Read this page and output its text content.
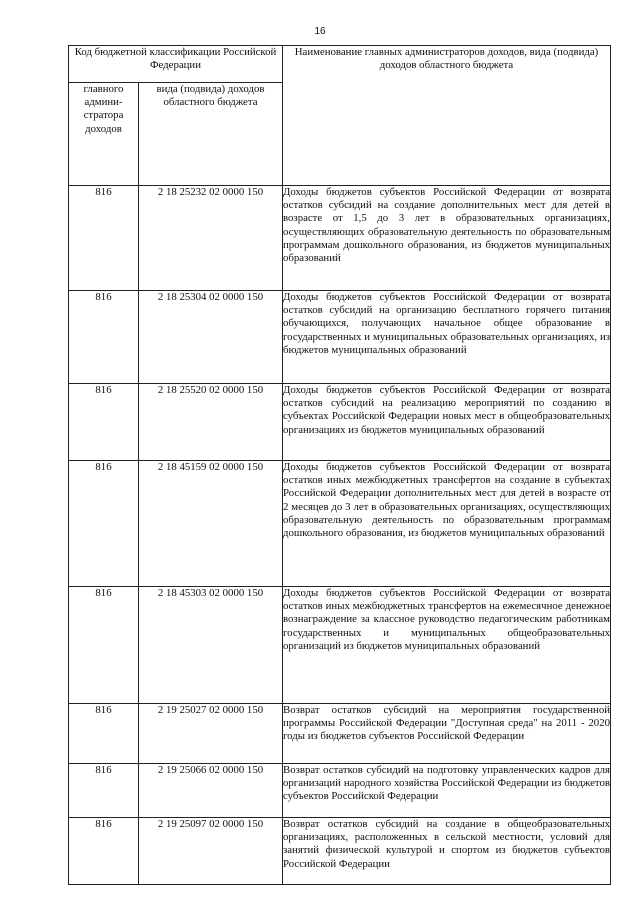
16
Код бюджетной классификации Российской Федерации		Наименование главных администраторов доходов, вида (подвида) доходов областного бюджета
главного админи-стратора доходов	вида (подвида) доходов областного бюджета	
816	2 18 25232 02 0000 150	Доходы бюджетов субъектов Российской Федерации от возврата остатков субсидий на создание дополнительных мест для детей в возрасте от 1,5 до 3 лет в образовательных организациях, осуществляющих образовательную деятельность по образовательным программам дошкольного образования, из бюджетов муниципальных образований

816	2 18 25304 02 0000 150	Доходы бюджетов субъектов Российской Федерации от возврата остатков субсидий на организацию бесплатного горячего питания обучающихся, получающих начальное общее образование в государственных и муниципальных образовательных организациях, из бюджетов муниципальных образований

816	2 18 25520 02 0000 150	Доходы бюджетов субъектов Российской Федерации от возврата остатков субсидий на реализацию мероприятий по созданию в субъектах Российской Федерации новых мест в общеобразовательных организациях из бюджетов муниципальных образований

816	2 18 45159 02 0000 150	Доходы бюджетов субъектов Российской Федерации от возврата остатков иных межбюджетных трансфертов на создание в субъектах Российской Федерации дополнительных мест для детей в возрасте от 2 месяцев до 3 лет в образовательных организациях, осуществляющих образовательную деятельность по образовательным программам дошкольного образования, из бюджетов муниципальных образований

816	2 18 45303 02 0000 150	Доходы бюджетов субъектов Российской Федерации от возврата остатков иных межбюджетных трансфертов на ежемесячное денежное вознаграждение за классное руководство педагогическим работникам государственных и муниципальных общеобразовательных организаций из бюджетов муниципальных образований

816	2 19 25027 02 0000 150	Возврат остатков субсидий на мероприятия государственной программы Российской Федерации "Доступная среда" на 2011 - 2020 годы из бюджетов субъектов Российской Федерации

816	2 19 25066 02 0000 150	Возврат остатков субсидий на подготовку управленческих кадров для организаций народного хозяйства Российской Федерации из бюджетов субъектов Российской Федерации

816	2 19 25097 02 0000 150	Возврат остатков субсидий на создание в общеобразовательных организациях, расположенных в сельской местности, условий для занятий физической культурой и спортом из бюджетов субъектов Российской Федерации
